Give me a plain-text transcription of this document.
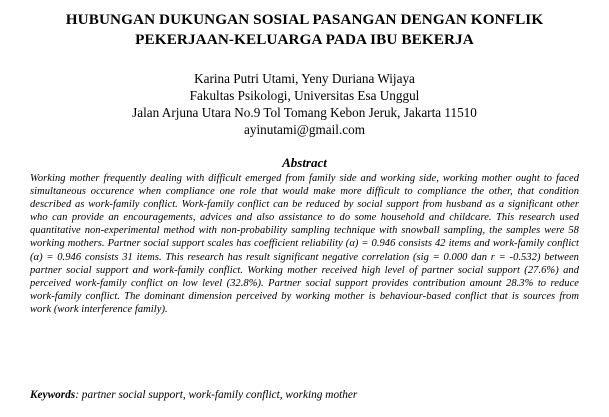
HUBUNGAN DUKUNGAN SOSIAL PASANGAN DENGAN KONFLIK
PEKERJAAN-KELUARGA PADA IBU BEKERJA
Karina Putri Utami, Yeny Duriana Wijaya
Fakultas Psikologi, Universitas Esa Unggul
Jalan Arjuna Utara No.9 Tol Tomang Kebon Jeruk, Jakarta 11510
ayinutami@gmail.com
Abstract
Working mother frequently dealing with difficult emerged from family side and working side, working mother ought to faced simultaneous occurence when compliance one role that would make more difficult to compliance the other, that condition described as work-family conflict. Work-family conflict can be reduced by social support from husband as a significant other who can provide an encouragements, advices and also assistance to do some household and childcare. This research used quantitative non-experimental method with non-probability sampling technique with snowball sampling, the samples were 58 working mothers. Partner social support scales has coefficient reliability (α) = 0.946 consists 42 items and work-family conflict (α) = 0.946 consists 31 items. This research has result significant negative correlation (sig = 0.000 dan r = -0.532) between partner social support and work-family conflict. Working mother received high level of partner social support (27.6%) and perceived work-family conflict on low level (32.8%). Partner social support provides contribution amount 28.3% to reduce work-family conflict. The dominant dimension perceived by working mother is behaviour-based conflict that is sources from work (work interference family).
Keywords: partner social support, work-family conflict, working mother
